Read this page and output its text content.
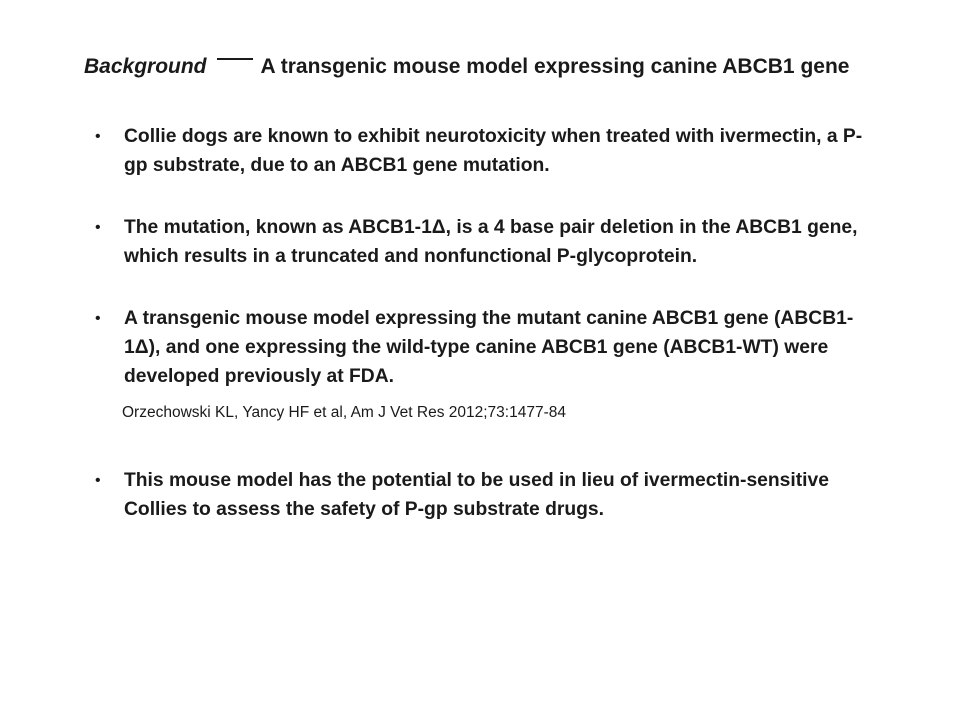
Background	A transgenic mouse model expressing canine ABCB1 gene
• Collie dogs are known to exhibit neurotoxicity when treated with ivermectin, a P-gp substrate, due to an ABCB1 gene mutation.
• The mutation, known as ABCB1-1Δ, is a 4 base pair deletion in the ABCB1 gene, which results in a truncated and nonfunctional P-glycoprotein.
• A transgenic mouse model expressing the mutant canine ABCB1 gene (ABCB1-1Δ), and one expressing the wild-type canine ABCB1 gene (ABCB1-WT) were developed previously at FDA.
Orzechowski KL, Yancy HF et al, Am J Vet Res 2012;73:1477-84
• This mouse model has the potential to be used in lieu of ivermectin-sensitive Collies to assess the safety of P-gp substrate drugs.
